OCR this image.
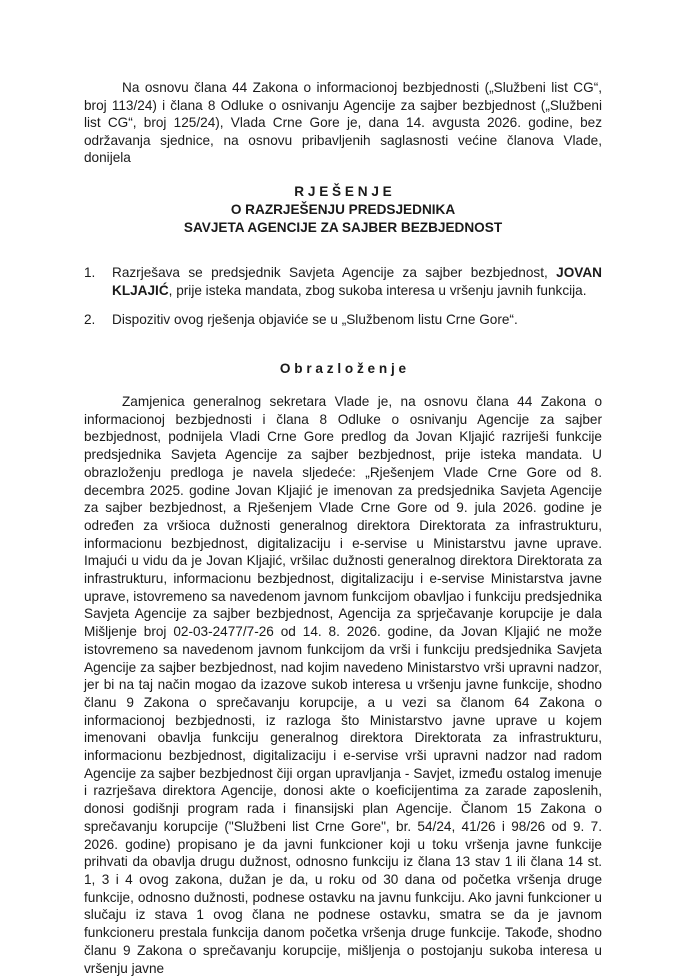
Na osnovu člana 44 Zakona o informacionoj bezbjednosti („Službeni list CG“, broj 113/24) i člana 8 Odluke o osnivanju Agencije za sajber bezbjednost („Službeni list CG“, broj 125/24), Vlada Crne Gore je, dana 14. avgusta 2026. godine, bez održavanja sjednice, na osnovu pribavljenih saglasnosti većine članova Vlade, donijela

R J E Š E N J E
O RAZRJEŠENJU PREDSJEDNIKA
SAVJETA AGENCIJE ZA SAJBER BEZBJEDNOST
1. Razrješava se predsjednik Savjeta Agencije za sajber bezbjednost, JOVAN KLJAJIĆ, prije isteka mandata, zbog sukoba interesa u vršenju javnih funkcija.
2. Dispozitiv ovog rješenja objaviće se u „Službenom listu Crne Gore“.
O b r a z l o ž e n j e

Zamjenica generalnog sekretara Vlade je, na osnovu člana 44 Zakona o informacionoj bezbjednosti i člana 8 Odluke o osnivanju Agencije za sajber bezbjednost, podnijela Vladi Crne Gore predlog da Jovan Kljajić razriješi funkcije predsjednika Savjeta Agencije za sajber bezbjednost, prije isteka mandata. U obrazloženju predloga je navela sljedeće: „Rješenjem Vlade Crne Gore od 8. decembra 2025. godine Jovan Kljajić je imenovan za predsjednika Savjeta Agencije za sajber bezbjednost, a Rješenjem Vlade Crne Gore od 9. jula 2026. godine je određen za vršioca dužnosti generalnog direktora Direktorata za infrastrukturu, informacionu bezbjednost, digitalizaciju i e-servise u Ministarstvu javne uprave. Imajući u vidu da je Jovan Kljajić, vršilac dužnosti generalnog direktora Direktorata za infrastrukturu, informacionu bezbjednost, digitalizaciju i e-servise Ministarstva javne uprave, istovremeno sa navedenom javnom funkcijom obavljao i funkciju predsjednika Savjeta Agencije za sajber bezbjednost, Agencija za sprječavanje korupcije je dala Mišljenje broj 02-03-2477/7-26 od 14. 8. 2026. godine, da Jovan Kljajić ne može istovremeno sa navedenom javnom funkcijom da vrši i funkciju predsjednika Savjeta Agencije za sajber bezbjednost, nad kojim navedeno Ministarstvo vrši upravni nadzor, jer bi na taj način mogao da izazove sukob interesa u vršenju javne funkcije, shodno članu 9 Zakona o sprečavanju korupcije, a u vezi sa članom 64 Zakona o informacionoj bezbjednosti, iz razloga što Ministarstvo javne uprave u kojem imenovani obavlja funkciju generalnog direktora Direktorata za infrastrukturu, informacionu bezbjednost, digitalizaciju i e-servise vrši upravni nadzor nad radom Agencije za sajber bezbjednost čiji organ upravljanja - Savjet, između ostalog imenuje i razrješava direktora Agencije, donosi akte o koeficijentima za zarade zaposlenih, donosi godišnji program rada i finansijski plan Agencije. Članom 15 Zakona o sprečavanju korupcije ("Službeni list Crne Gore", br. 54/24, 41/26 i 98/26 od 9. 7. 2026. godine) propisano je da javni funkcioner koji u toku vršenja javne funkcije prihvati da obavlja drugu dužnost, odnosno funkciju iz člana 13 stav 1 ili člana 14 st. 1, 3 i 4 ovog zakona, dužan je da, u roku od 30 dana od početka vršenja druge funkcije, odnosno dužnosti, podnese ostavku na javnu funkciju. Ako javni funkcioner u slučaju iz stava 1 ovog člana ne podnese ostavku, smatra se da je javnom funkcioneru prestala funkcija danom početka vršenja druge funkcije. Takođe, shodno članu 9 Zakona o sprečavanju korupcije, mišljenja o postojanju sukoba interesa u vršenju javne
